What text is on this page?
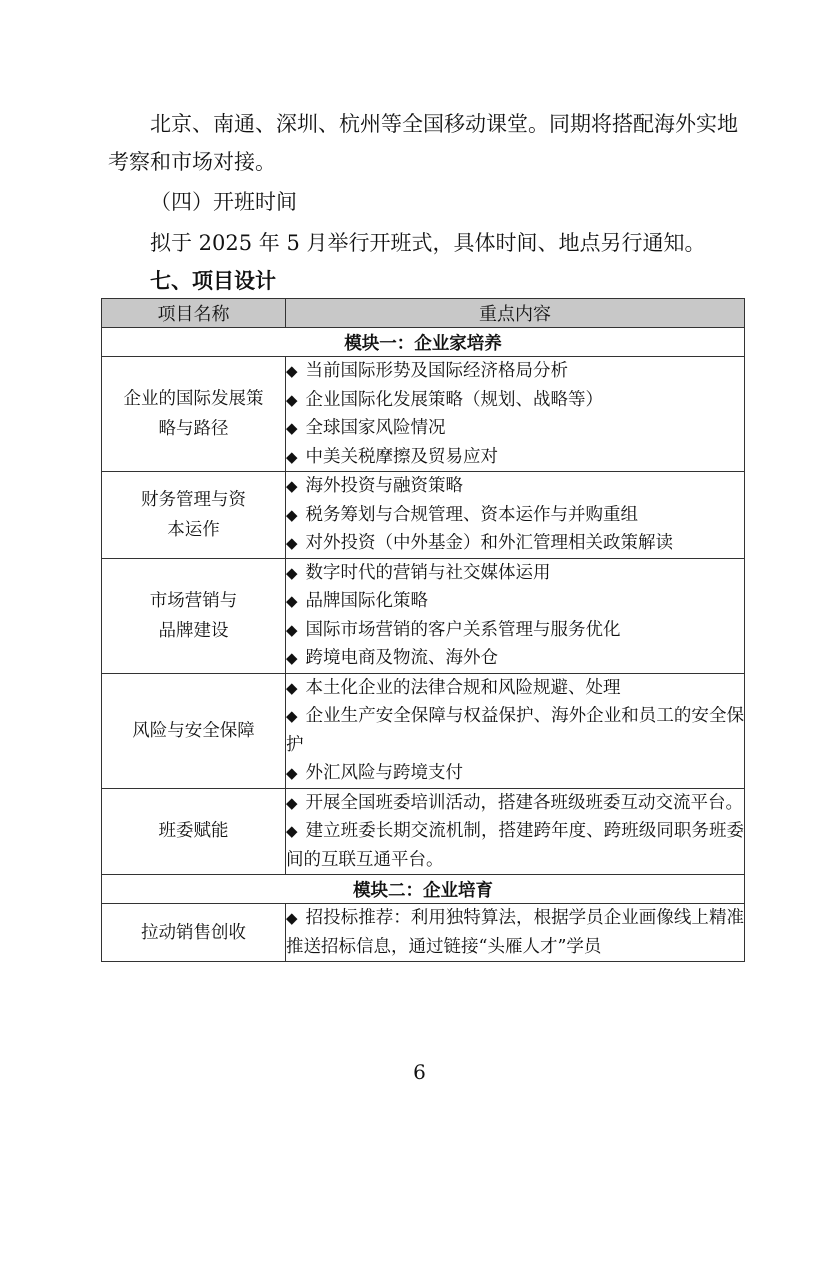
北京、南通、深圳、杭州等全国移动课堂。同期将搭配海外实地考察和市场对接。

（四）开班时间

拟于 2025 年 5 月举行开班式，具体时间、地点另行通知。

七、项目设计

项目名称	重点内容
模块一：企业家培养	
企业的国际发展策略与路径	◆ 当前国际形势及国际经济格局分析
◆ 企业国际化发展策略（规划、战略等）
◆ 全球国家风险情况
◆ 中美关税摩擦及贸易应对

财务管理与资本运作	◆ 海外投资与融资策略
◆ 税务筹划与合规管理、资本运作与并购重组
◆ 对外投资（中外基金）和外汇管理相关政策解读

市场营销与品牌建设	◆ 数字时代的营销与社交媒体运用
◆ 品牌国际化策略
◆ 国际市场营销的客户关系管理与服务优化
◆ 跨境电商及物流、海外仓

风险与安全保障	◆ 本土化企业的法律合规和风险规避、处理
◆ 企业生产安全保障与权益保护、海外企业和员工的安全保护
◆ 外汇风险与跨境支付

班委赋能	◆ 开展全国班委培训活动，搭建各班级班委互动交流平台。
◆ 建立班委长期交流机制，搭建跨年度、跨班级同职务班委间的互联互通平台。

模块二：企业培育	
拉动销售创收	◆ 招投标推荐：利用独特算法，根据学员企业画像线上精准推送招标信息，通过链接“头雁人才”学员

6
